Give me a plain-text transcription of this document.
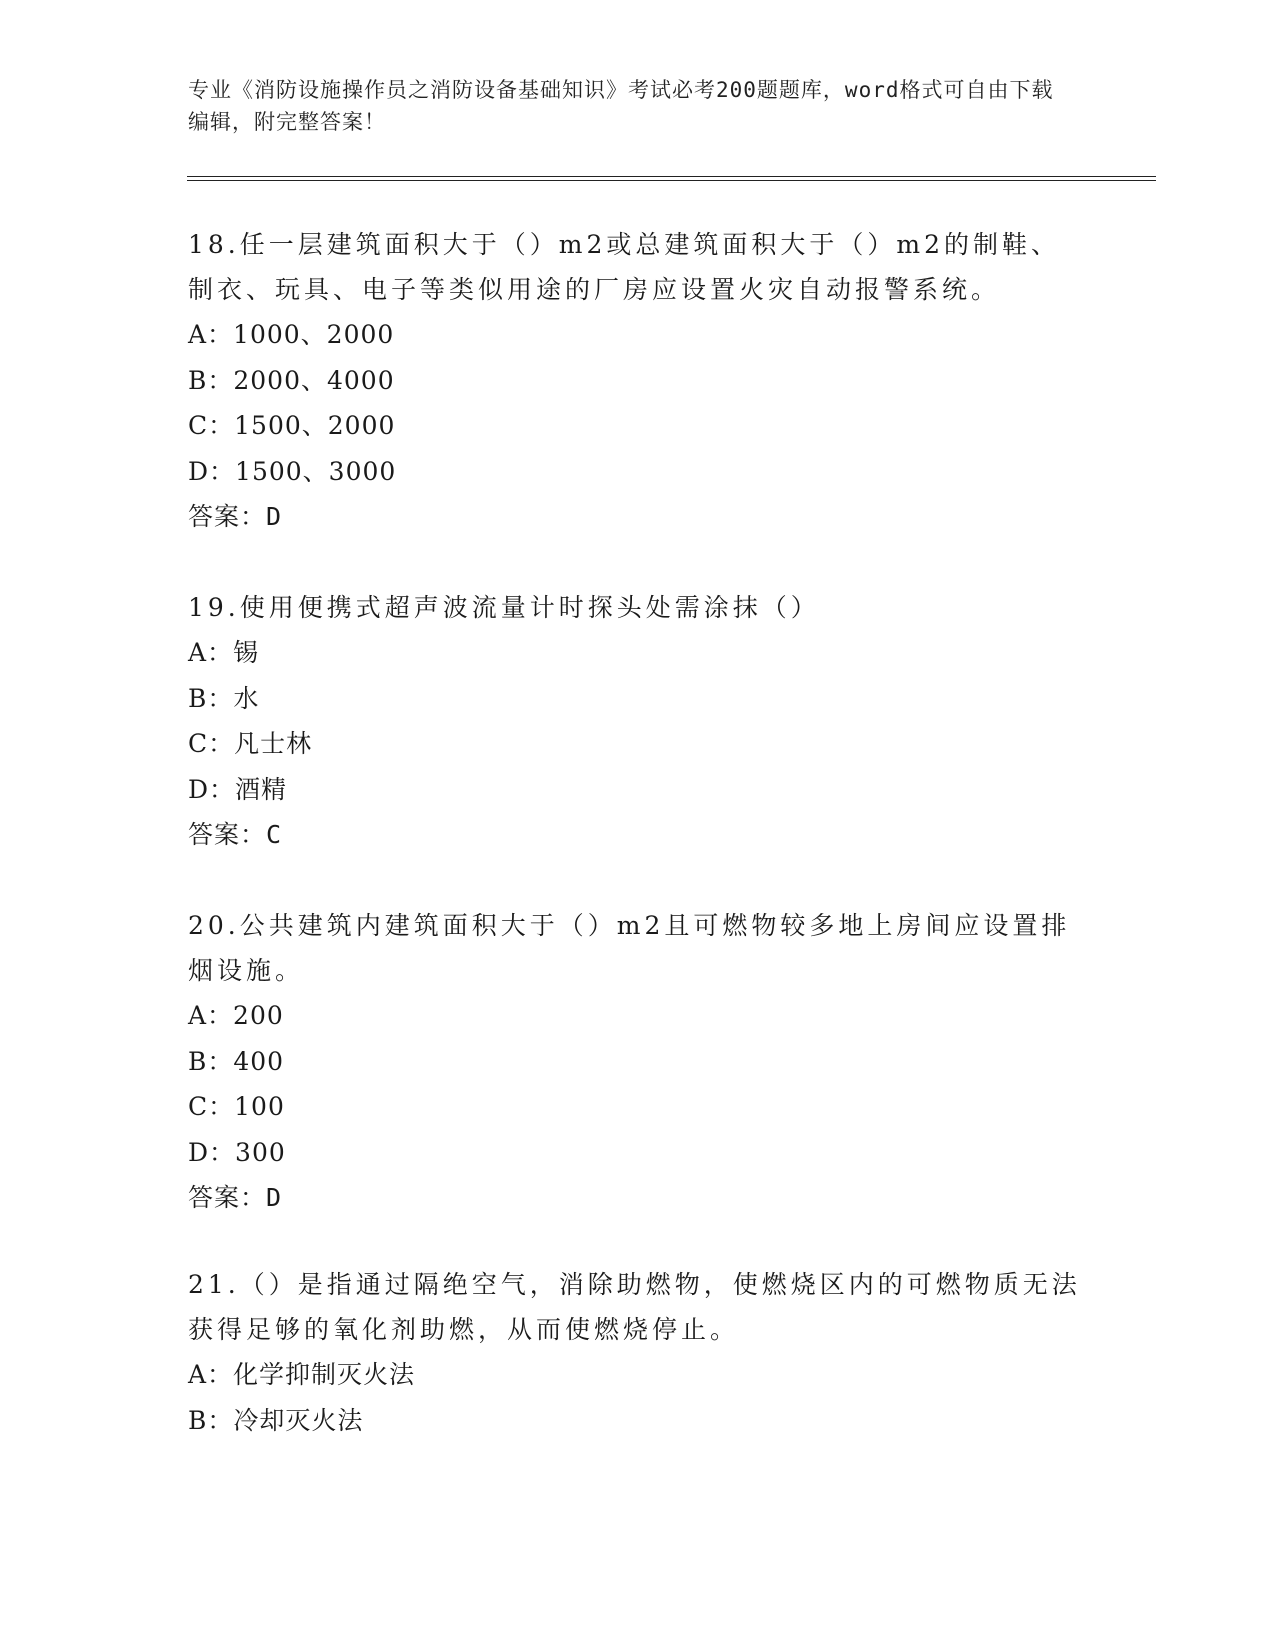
专业《消防设施操作员之消防设备基础知识》考试必考200题题库，word格式可自由下载编辑，附完整答案！

18.任一层建筑面积大于（）m2或总建筑面积大于（）m2的制鞋、制衣、玩具、电子等类似用途的厂房应设置火灾自动报警系统。

A：1000、2000

B：2000、4000

C：1500、2000

D：1500、3000

答案：D

19.使用便携式超声波流量计时探头处需涂抹（）

A：锡

B：水

C：凡士林

D：酒精

答案：C

20.公共建筑内建筑面积大于（）m2且可燃物较多地上房间应设置排烟设施。

A：200

B：400

C：100

D：300

答案：D

21.（）是指通过隔绝空气，消除助燃物，使燃烧区内的可燃物质无法获得足够的氧化剂助燃，从而使燃烧停止。

A：化学抑制灭火法

B：冷却灭火法
